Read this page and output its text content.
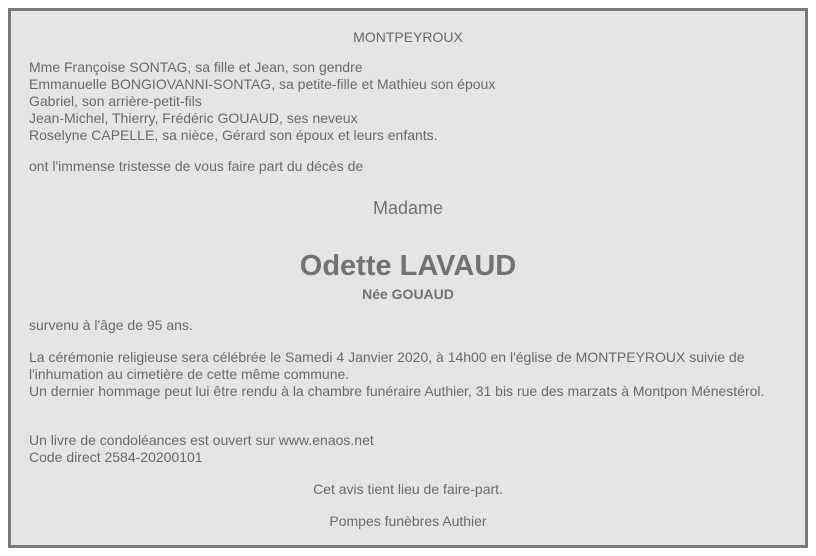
MONTPEYROUX
Mme Françoise SONTAG, sa fille et Jean, son gendre
Emmanuelle BONGIOVANNI-SONTAG, sa petite-fille et Mathieu son époux
Gabriel, son arrière-petit-fils
Jean-Michel, Thierry, Frédéric GOUAUD, ses neveux
Roselyne CAPELLE, sa nièce, Gérard son époux et leurs enfants.
ont l'immense tristesse de vous faire part du décès de
Madame
Odette LAVAUD
Née GOUAUD
survenu à l'âge de 95 ans.
La cérémonie religieuse sera célébrée le Samedi 4 Janvier 2020, à 14h00 en l'église de MONTPEYROUX suivie de l'inhumation au cimetière de cette même commune.
Un dernier hommage peut lui être rendu à la chambre funéraire Authier, 31 bis rue des marzats à Montpon Ménestérol.
Un livre de condoléances est ouvert sur www.enaos.net
Code direct 2584-20200101
Cet avis tient lieu de faire-part.
Pompes funèbres Authier
